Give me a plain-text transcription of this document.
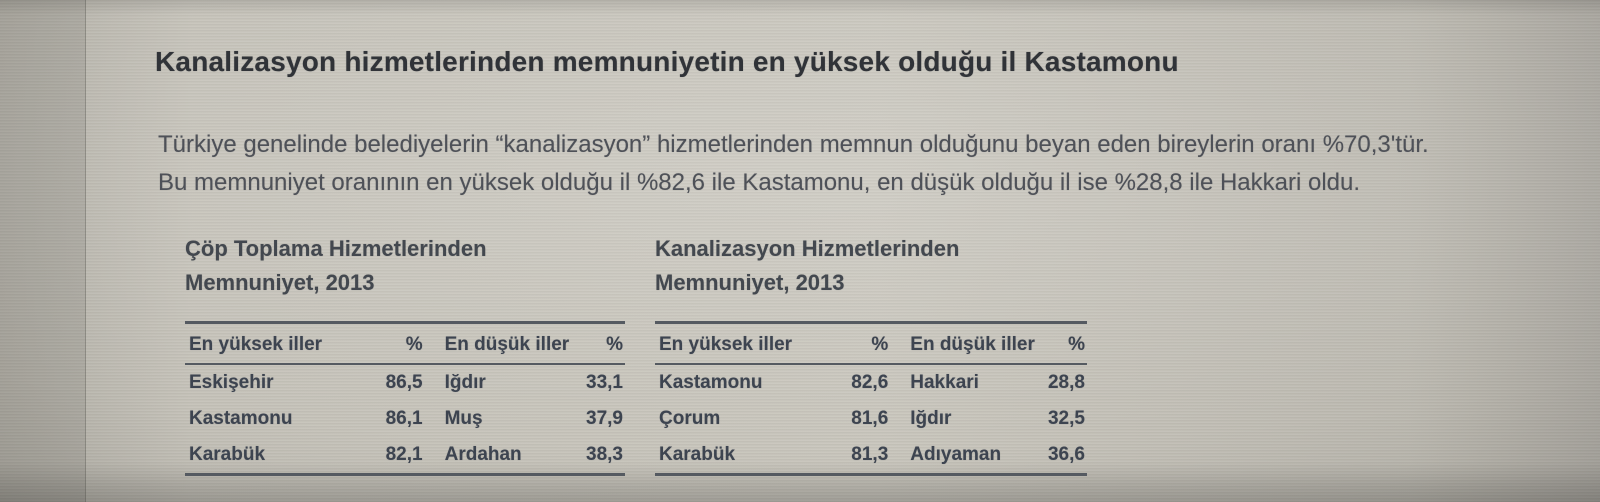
Kanalizasyon hizmetlerinden memnuniyetin en yüksek olduğu il Kastamonu
Türkiye genelinde belediyelerin “kanalizasyon” hizmetlerinden memnun olduğunu beyan eden bireylerin oranı %70,3'tür.
Bu memnuniyet oranının en yüksek olduğu il %82,6 ile Kastamonu, en düşük olduğu il ise %28,8 ile Hakkari oldu.
Çöp Toplama Hizmetlerinden
Memnuniyet, 2013
En yüksek iller	%	En düşük iller	%
Eskişehir	86,5	Iğdır	33,1
Kastamonu	86,1	Muş	37,9
Karabük	82,1	Ardahan	38,3
Kanalizasyon Hizmetlerinden
Memnuniyet, 2013
En yüksek iller	%	En düşük iller	%
Kastamonu	82,6	Hakkari	28,8
Çorum	81,6	Iğdır	32,5
Karabük	81,3	Adıyaman	36,6
